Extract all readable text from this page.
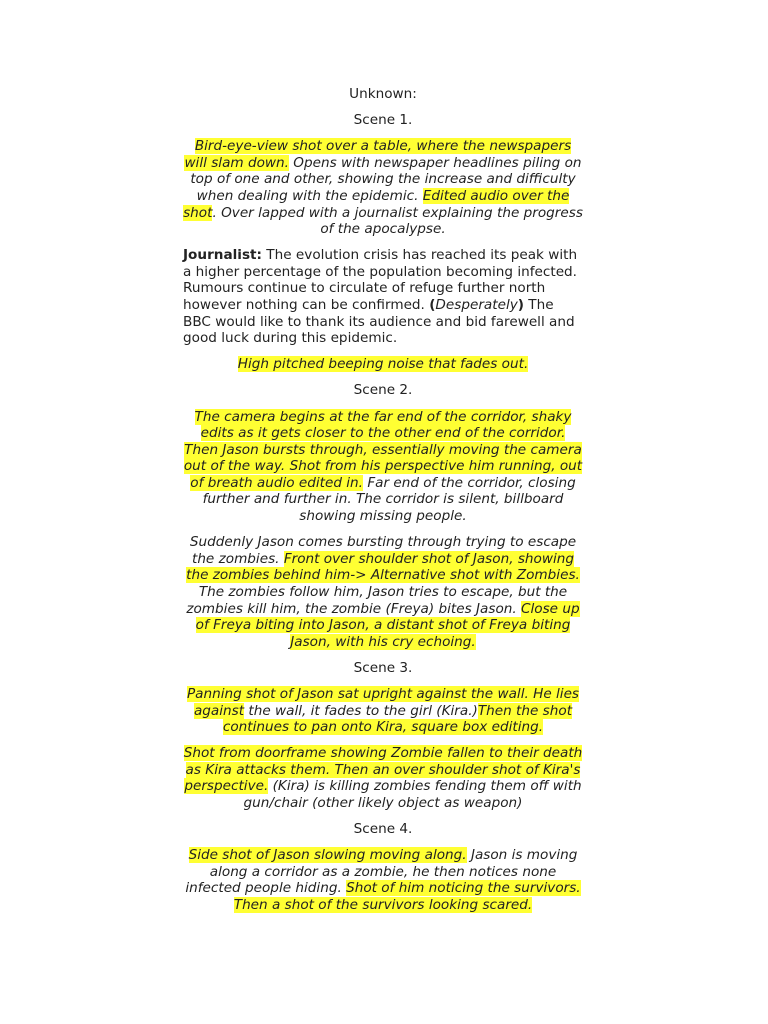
Unknown:

Scene 1.

Bird-eye-view shot over a table, where the newspapers will slam down. Opens with newspaper headlines piling on top of one and other, showing the increase and difficulty when dealing with the epidemic. Edited audio over the shot. Over lapped with a journalist explaining the progress of the apocalypse.

Journalist: The evolution crisis has reached its peak with a higher percentage of the population becoming infected. Rumours continue to circulate of refuge further north however nothing can be confirmed. (Desperately) The BBC would like to thank its audience and bid farewell and good luck during this epidemic.

High pitched beeping noise that fades out.

Scene 2.

The camera begins at the far end of the corridor, shaky edits as it gets closer to the other end of the corridor. Then Jason bursts through, essentially moving the camera out of the way. Shot from his perspective him running, out of breath audio edited in. Far end of the corridor, closing further and further in. The corridor is silent, billboard showing missing people.

Suddenly Jason comes bursting through trying to escape the zombies. Front over shoulder shot of Jason, showing the zombies behind him-> Alternative shot with Zombies. The zombies follow him, Jason tries to escape, but the zombies kill him, the zombie (Freya) bites Jason. Close up of Freya biting into Jason, a distant shot of Freya biting Jason, with his cry echoing.

Scene 3.

Panning shot of Jason sat upright against the wall. He lies against the wall, it fades to the girl (Kira.)Then the shot continues to pan onto Kira, square box editing.

Shot from doorframe showing Zombie fallen to their death as Kira attacks them. Then an over shoulder shot of Kira's perspective. (Kira) is killing zombies fending them off with gun/chair (other likely object as weapon)

Scene 4.

Side shot of Jason slowing moving along. Jason is moving along a corridor as a zombie, he then notices none infected people hiding. Shot of him noticing the survivors. Then a shot of the survivors looking scared.
